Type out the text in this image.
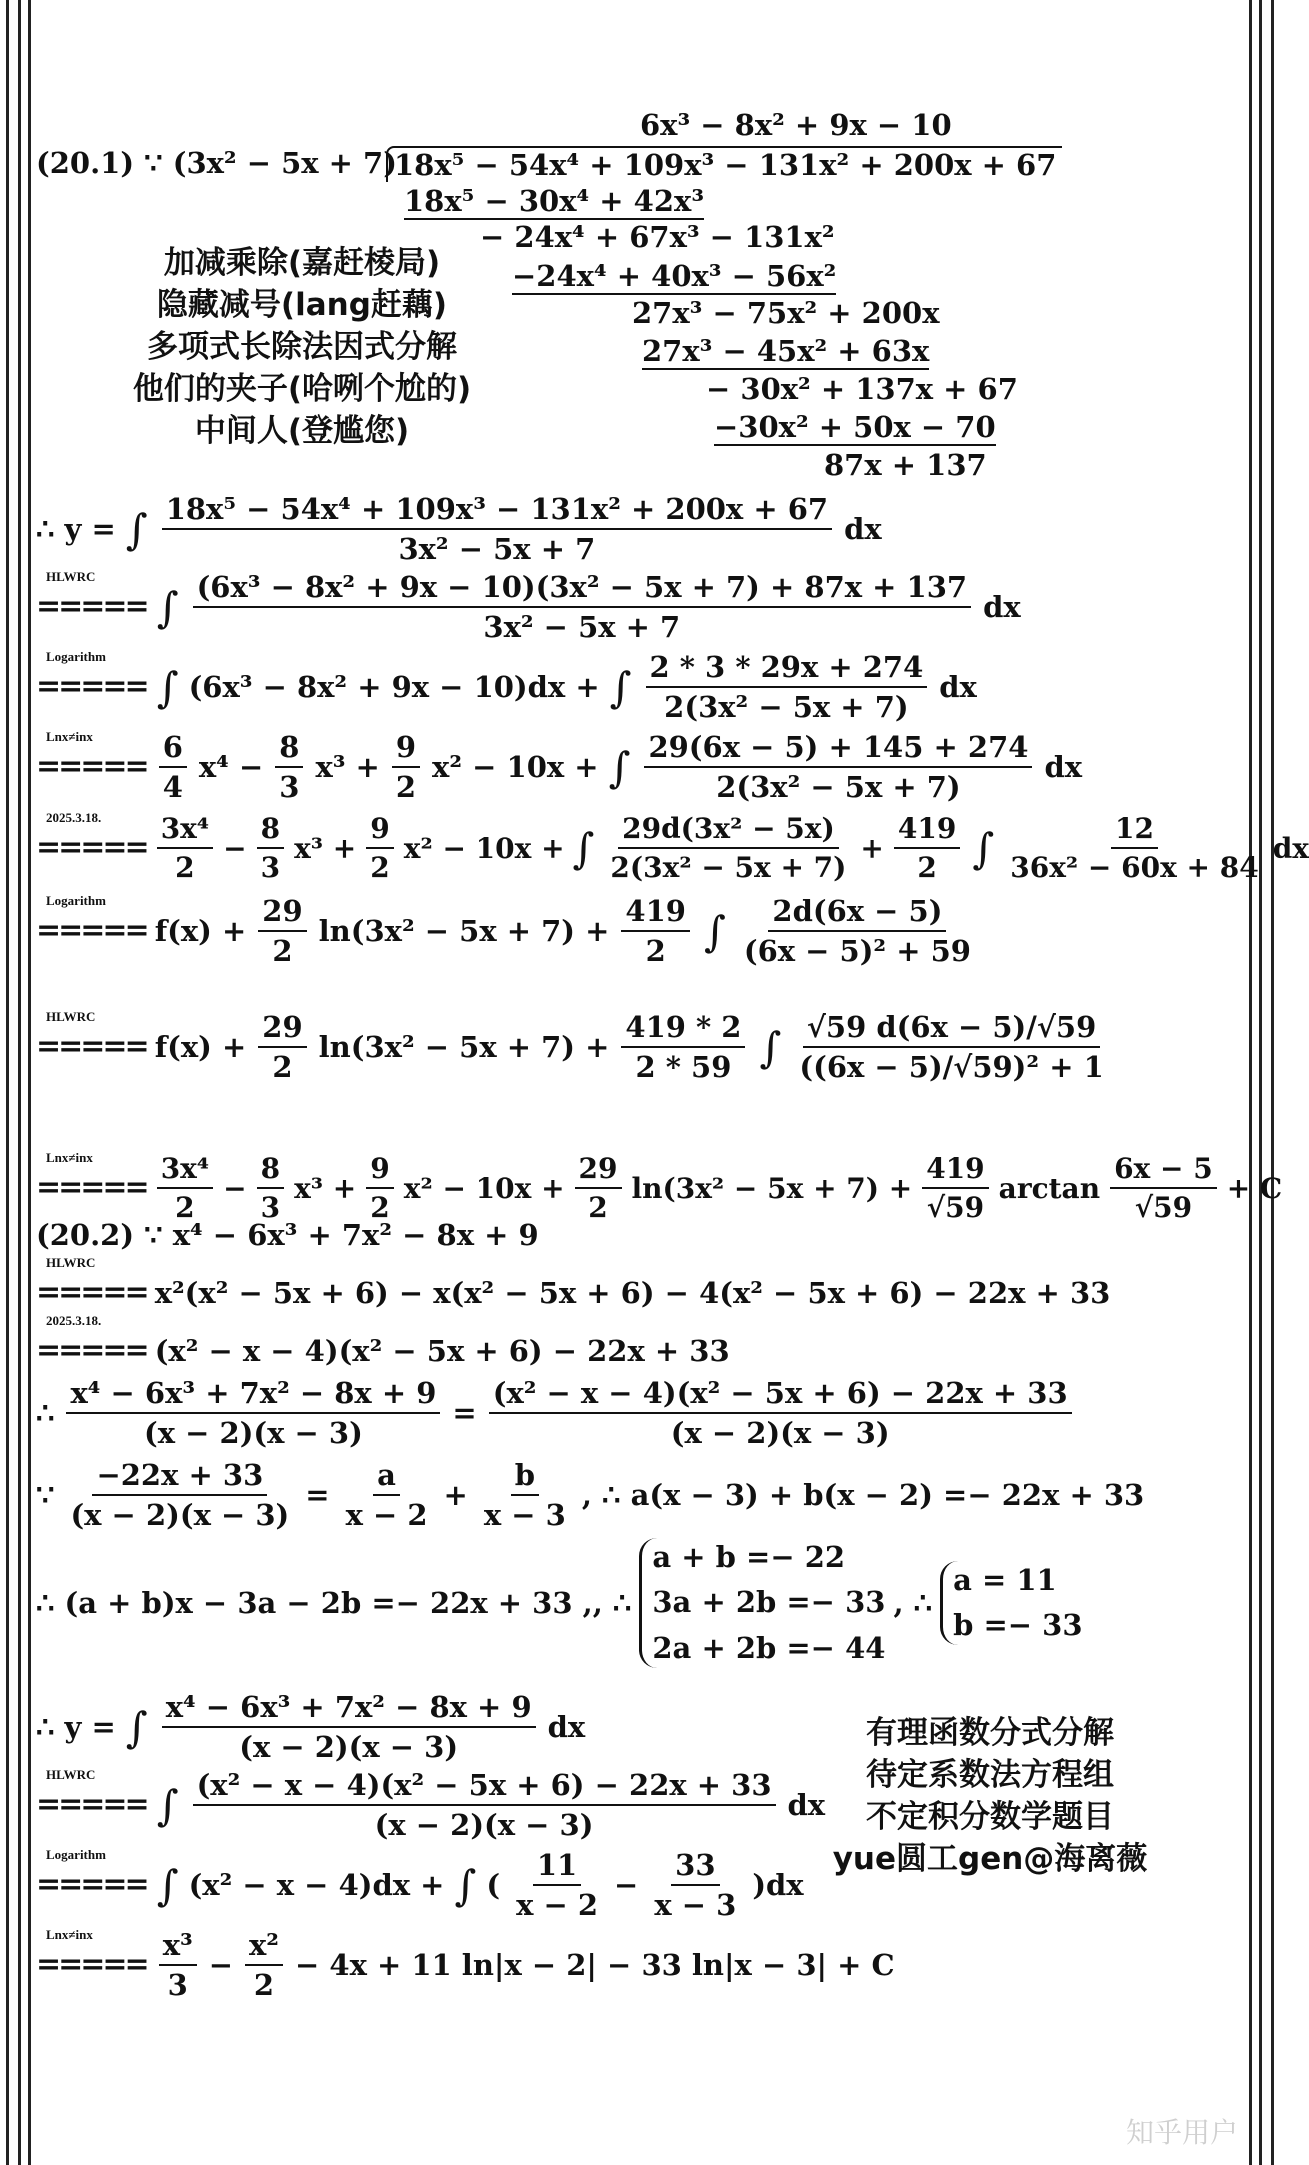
6x³ − 8x² + 9x − 10
(20.1) ∵ (3x² − 5x + 7)
18x⁵ − 54x⁴ + 109x³ − 131x² + 200x + 67
18x⁵ − 30x⁴ + 42x³
− 24x⁴ + 67x³ − 131x²
−24x⁴ + 40x³ − 56x²
27x³ − 75x² + 200x
27x³ − 45x² + 63x
− 30x² + 137x + 67
−30x² + 50x − 70
87x + 137
加减乘除(嘉赶棱局)
隐藏减号(lang赶藕)
多项式长除法因式分解
他们的夹子(哈咧个尬的)
中间人(登尴您)
∴ y = ∫ $\frac{\text{18x⁵ − 54x⁴ + 109x³ − 131x² + 200x + 67}}{\text{3x² − 5x + 7}}$ dx
HLWRC
===== ∫ $\frac{\text{(6x³ − 8x² + 9x − 10)(3x² − 5x + 7) + 87x + 137}}{\text{3x² − 5x + 7}}$ dx
Logarithm
===== ∫ (6x³ − 8x² + 9x − 10)dx + ∫ $\frac{2 * 3 * 29x + 274}{\text{2(3x² − 5x + 7)}}$ dx
Lnx≠inx
===== $\frac{6}{4} x^4 - \frac{8}{3} x^3 + \frac{9}{2} x^2 - 10x$ + ∫ $\frac{29(6x - 5) + 145 + 274}{\text{2(3x² − 5x + 7)}}$ dx
2025.3.18.
===== $\frac{\text{3x⁴}}{2} - \frac{8}{3} x^3 + \frac{9}{2} x^2 - 10x$ + ∫ $\frac{\text{29d(3x² − 5x)}}{\text{2(3x² − 5x + 7)}} + \frac{419}{2}$ ∫ $\frac{12}{\text{36x² − 60x + 84}}$ dx
Logarithm
===== $f(x) + \frac{29}{2} \ln(3x^2 - 5x + 7) + \frac{419}{2}$ ∫ $\frac{2d(6x - 5)}{\text{(6x − 5)² + 59}}$
HLWRC
===== $f(x) + \frac{29}{2} \ln(3x^2 - 5x + 7) + \frac{419 * 2}{2 * 59}$ ∫ $\frac{√59 d(6x - 5)/√59}{\text{((6x − 5)/√59)² + 1}}$
Lnx≠inx
===== $\frac{\text{3x⁴}}{2} - \frac{8}{3} x^3 + \frac{9}{2} x^2 - 10x + \frac{29}{2} \ln(3x^2 - 5x + 7) + \frac{419}{√59}$ $\arctan \frac{6x - 5}{√59} + C$
(20.2) ∵ x⁴ − 6x³ + 7x² − 8x + 9
HLWRC
===== x²(x² − 5x + 6) − x(x² − 5x + 6) − 4(x² − 5x + 6) − 22x + 33
2025.3.18.
===== (x² − x − 4)(x² − 5x + 6) − 22x + 33
∴ $\frac{\text{x⁴ − 6x³ + 7x² − 8x + 9}}{(x - 2)(x - 3)} = \frac{\text{(x² − x − 4)(x² − 5x + 6) − 22x + 33}}{(x - 2)(x - 3)}$
∵ $\frac{-22x + 33}{(x - 2)(x - 3)} = \frac{a}{x - 2} + \frac{b}{x - 3}$ , ∴ a(x − 3) + b(x − 2) =− 22x + 33
∴ (a + b)x − 3a − 2b =− 22x + 33 ,, ∴
a + b =− 22
3a + 2b =− 33
2a + 2b =− 44
, ∴
a = 11
b =− 33
∴ y = ∫ $\frac{\text{x⁴ − 6x³ + 7x² − 8x + 9}}{(x - 2)(x - 3)}$ dx
HLWRC
===== ∫ $\frac{\text{(x² − x − 4)(x² − 5x + 6) − 22x + 33}}{(x - 2)(x - 3)}$ dx
Logarithm
===== ∫ (x² − x − 4)dx + ∫ ( $\frac{11}{x - 2} - \frac{33}{x - 3} )dx$
Lnx≠inx
===== $\frac{\text{x³}}{3} - \frac{\text{x²}}{2} - 4x + 11$ ln|x − 2| − 33 ln|x − 3| + C
有理函数分式分解
待定系数法方程组
不定积分数学题目
yue圆工gen@海离薇
知乎用户
